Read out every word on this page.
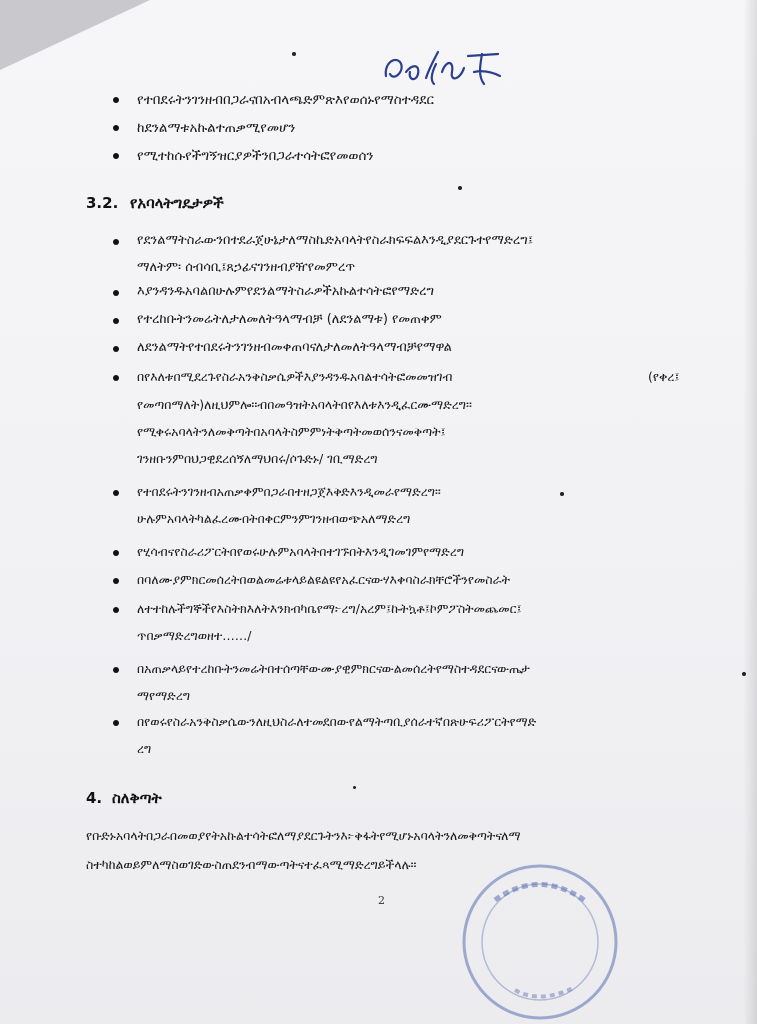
የተበደሩትንገንዘብበጋራናበአብላጫድምጽእየወሰኑየማስተዳደር
ከደንልማቱአኩልተጠቃሚየመሆን
የሚተከሱየችግኝዝርያዎችንበጋራተሳትፎየመወሰን
3.2. የአባላትግዴታዎች
የደንልማትስራውንበተደራጀሁኔታለማስኬድአባላትየስራክፍፍልእንዲያደርጉተየማድረግ፤
ማለትም፡ ሰብሳቢ፤ጸኃፊናገንዘብያዥየመምረጥ
እያንዳንዱአባልበሁሉምየደንልማትስራዎችአኩልተሳትፎየማድረግ
የተረከቡትንመሬትለታለመለትዓላማብቻ (ለደንልማቱ) የመጠቀም
ለደንልማትየተበደሩትንገንዘብመቀጠባናለታለመለትዓላማብቻየማዋል
በየእለቱበሚደረጉየስራአንቅስቃሴዎችእያንዳንዱአባልተሳትፎመመዝገብ	(የቀረ፤
የመጣበማለት)ለዚህምሎ፡፡ብበመዓዝትአባላትበየእለቱእንዲፈርሙማድረግ፡፡
የሚቀሩአባላትንለመቅጣትበአባላትስምምነትቅጣትመወሰንናመቅጣት፤
ገንዘቡንምበህጋዊደረሰኝለማህበሩ/ሶጉድኑ/ ገቢማድረግ
የተበደሩትንገንዘብአጠቃቀምበጋራበተዘጋጀእቅድእንዲመራየማድረግ፡፡
ሁሉምአባላትካልፈረሙበትበቀርምንምገንዘብወጭአለማድረግ
የሂሳብናየስራሪፖርትበየወሩሁሉምአባላትበተገኙበትእንዲገመገምየማድረግ
በባለሙያምክርመሰረትበወልመሬቱላይልዩልዩየአፈርናውሃእቀባስራክቸሮችንየመስራት
ለተተከሉችግኞችየእስትክእለትእንክብካቤየማ፦ረግ/አረም፤ኩትኳቶ፤ኮምፖስትመጨመር፤
ጥበቃማድረግወዘተ……/
በአጠቃላይየተረከቡትንመሬትበተሰጣቸውሙያዊምክርናውልመሰረትየማስተዳደርናውጤታ
ማየማድረግ
በየወሩየስራአንቅስቃሴውንለዚህስራለተመደበውየልማትጣቢያሰራተኛበጽሁፍሪፖርትየማድ
ረግ
4. ስለቅጣት
የቡድኑአባላትበጋራበመወያየትአኩልተሳትፎለማያደርጉትንእ፦ቅፋትየሚሆኑአባላትንለመቅጣትናለማ
ስተካከልወይምለማስወገድውስጠደንብማውጣትናተፈጻሚማድረግይችላሉ፡፡
2
